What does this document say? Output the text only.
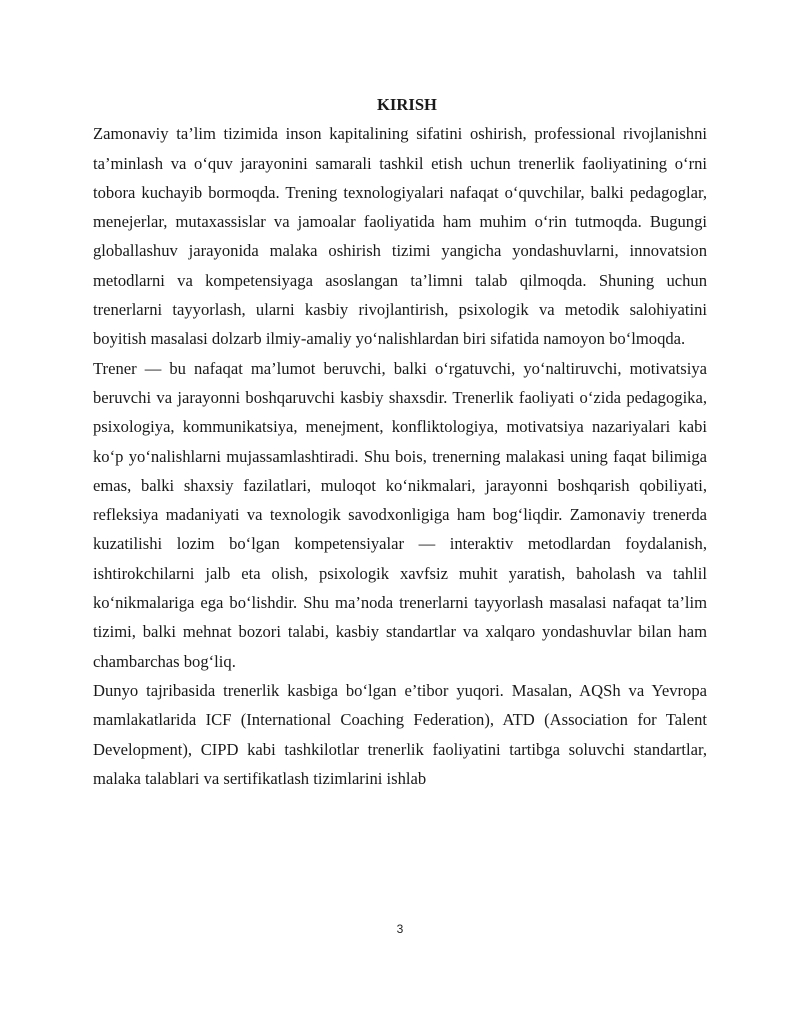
KIRISH

Zamonaviy ta’lim tizimida inson kapitalining sifatini oshirish, professional rivojlanishni ta’minlash va o‘quv jarayonini samarali tashkil etish uchun trenerlik faoliyatining o‘rni tobora kuchayib bormoqda. Trening texnologiyalari nafaqat o‘quvchilar, balki pedagoglar, menejerlar, mutaxassislar va jamoalar faoliyatida ham muhim o‘rin tutmoqda. Bugungi globallashuv jarayonida malaka oshirish tizimi yangicha yondashuvlarni, innovatsion metodlarni va kompetensiyaga asoslangan ta’limni talab qilmoqda. Shuning uchun trenerlarni tayyorlash, ularni kasbiy rivojlantirish, psixologik va metodik salohiyatini boyitish masalasi dolzarb ilmiy-amaliy yo‘nalishlardan biri sifatida namoyon bo‘lmoqda.

Trener — bu nafaqat ma’lumot beruvchi, balki o‘rgatuvchi, yo‘naltiruvchi, motivatsiya beruvchi va jarayonni boshqaruvchi kasbiy shaxsdir. Trenerlik faoliyati o‘zida pedagogika, psixologiya, kommunikatsiya, menejment, konfliktologiya, motivatsiya nazariyalari kabi ko‘p yo‘nalishlarni mujassamlashtiradi. Shu bois, trenerning malakasi uning faqat bilimiga emas, balki shaxsiy fazilatlari, muloqot ko‘nikmalari, jarayonni boshqarish qobiliyati, refleksiya madaniyati va texnologik savodxonligiga ham bog‘liqdir. Zamonaviy trenerda kuzatilishi lozim bo‘lgan kompetensiyalar — interaktiv metodlardan foydalanish, ishtirokchilarni jalb eta olish, psixologik xavfsiz muhit yaratish, baholash va tahlil ko‘nikmalariga ega bo‘lishdir. Shu ma’noda trenerlarni tayyorlash masalasi nafaqat ta’lim tizimi, balki mehnat bozori talabi, kasbiy standartlar va xalqaro yondashuvlar bilan ham chambarchas bog‘liq.

Dunyo tajribasida trenerlik kasbiga bo‘lgan e’tibor yuqori. Masalan, AQSh va Yevropa mamlakatlarida ICF (International Coaching Federation), ATD (Association for Talent Development), CIPD kabi tashkilotlar trenerlik faoliyatini tartibga soluvchi standartlar, malaka talablari va sertifikatlash tizimlarini ishlab

3
